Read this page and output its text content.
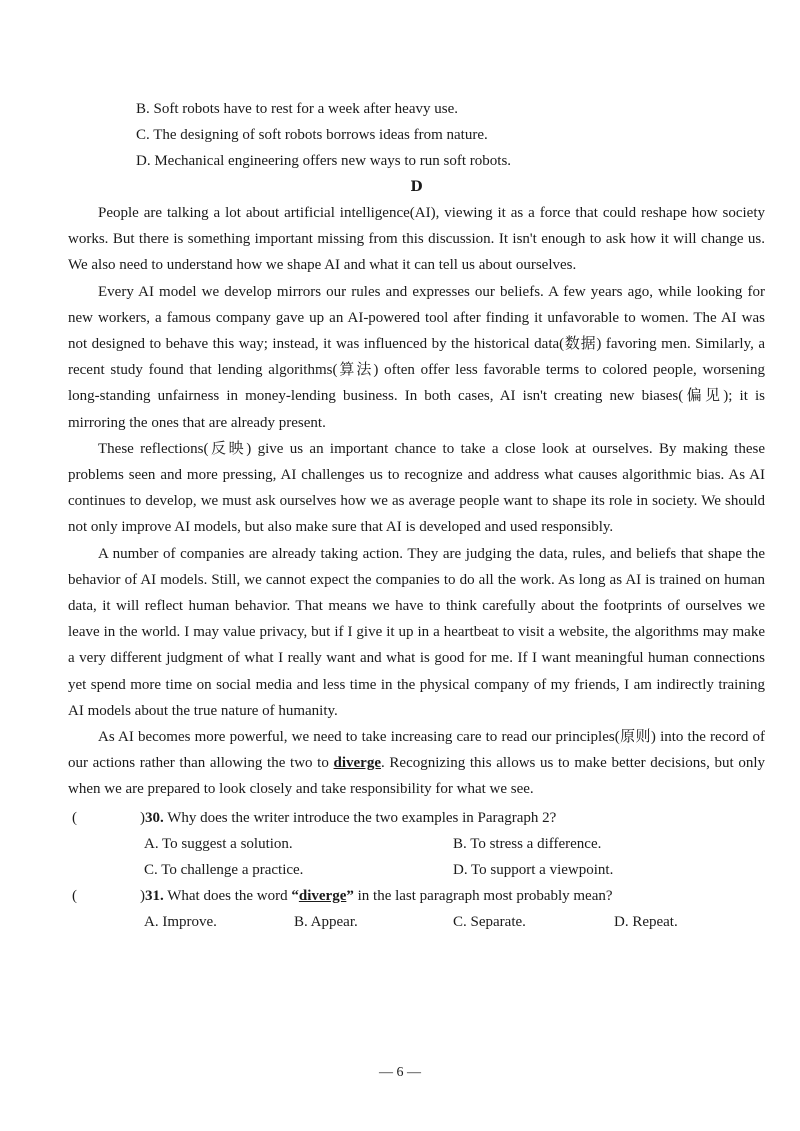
B. Soft robots have to rest for a week after heavy use.
C. The designing of soft robots borrows ideas from nature.
D. Mechanical engineering offers new ways to run soft robots.
D

People are talking a lot about artificial intelligence(AI), viewing it as a force that could reshape how society works. But there is something important missing from this discussion. It isn't enough to ask how it will change us. We also need to understand how we shape AI and what it can tell us about ourselves.

Every AI model we develop mirrors our rules and expresses our beliefs. A few years ago, while looking for new workers, a famous company gave up an AI-powered tool after finding it unfavorable to women. The AI was not designed to behave this way; instead, it was influenced by the historical data(数据) favoring men. Similarly, a recent study found that lending algorithms(算法) often offer less favorable terms to colored people, worsening long-standing unfairness in money-lending business. In both cases, AI isn't creating new biases(偏见); it is mirroring the ones that are already present.

These reflections(反映) give us an important chance to take a close look at ourselves. By making these problems seen and more pressing, AI challenges us to recognize and address what causes algorithmic bias. As AI continues to develop, we must ask ourselves how we as average people want to shape its role in society. We should not only improve AI models, but also make sure that AI is developed and used responsibly.

A number of companies are already taking action. They are judging the data, rules, and beliefs that shape the behavior of AI models. Still, we cannot expect the companies to do all the work. As long as AI is trained on human data, it will reflect human behavior. That means we have to think carefully about the footprints of ourselves we leave in the world. I may value privacy, but if I give it up in a heartbeat to visit a website, the algorithms may make a very different judgment of what I really want and what is good for me. If I want meaningful human connections yet spend more time on social media and less time in the physical company of my friends, I am indirectly training AI models about the true nature of humanity.

As AI becomes more powerful, we need to take increasing care to read our principles(原则) into the record of our actions rather than allowing the two to diverge. Recognizing this allows us to make better decisions, but only when we are prepared to look closely and take responsibility for what we see.

(	)30. Why does the writer introduce the two examples in Paragraph 2?
A. To suggest a solution.	B. To stress a difference.
C. To challenge a practice.	D. To support a viewpoint.
(	)31. What does the word “diverge” in the last paragraph most probably mean?
A. Improve.	B. Appear.	C. Separate.	D. Repeat.
— 6 —
